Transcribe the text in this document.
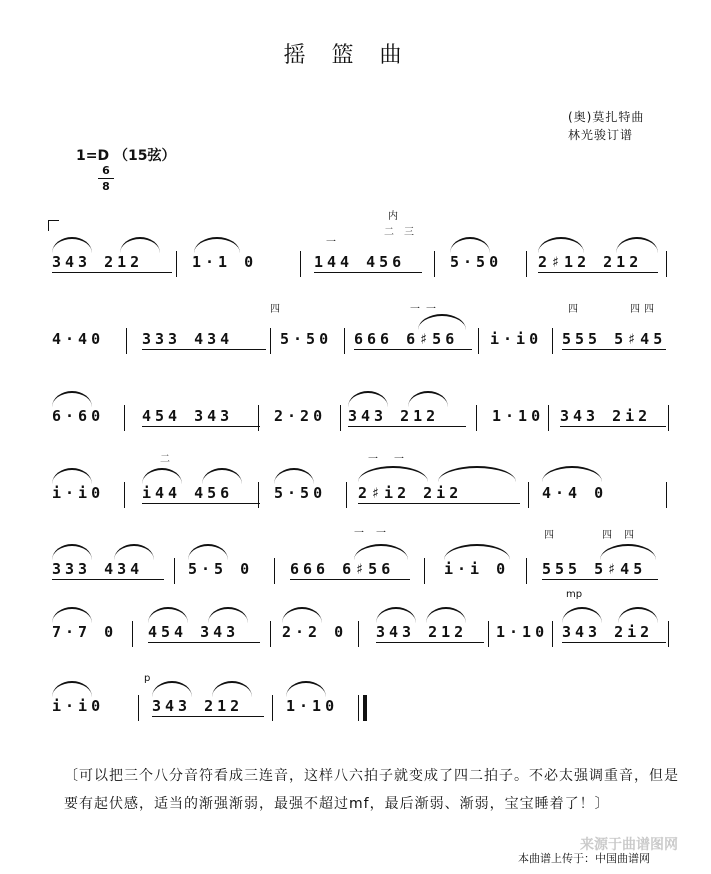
摇篮曲
(奥)莫扎特曲
林光骏订谱
1=D （15弦）
6
8
一
内
二 三
343 212	1·1 0	144 456	5·50 2♯12 212
4·40	333 434
四
5·50
一 一
666 6♯56 i·i0
四	四 四
555 5♯45
6·60	454 343	2·20 343 212	1·10 343 2i2
i·i0
二
i44 456	5·50
一 一
2♯i2 2i2	4·4 0
333 434	5·5 0
一 一
666 6♯56	i·i 0
四	四 四
555 5♯45
7·7 0 454 343	2·2 0 343 212 1·10
mp
343 2i2
i·i0
p
343 212	1·10
〔可以把三个八分音符看成三连音，这样八六拍子就变成了四二拍子。不必太强调重音，但是要有起伏感，适当的渐强渐弱，最强不超过mf，最后渐弱、渐弱，宝宝睡着了！〕
本曲谱上传于：中国曲谱网
来源于曲谱图网
